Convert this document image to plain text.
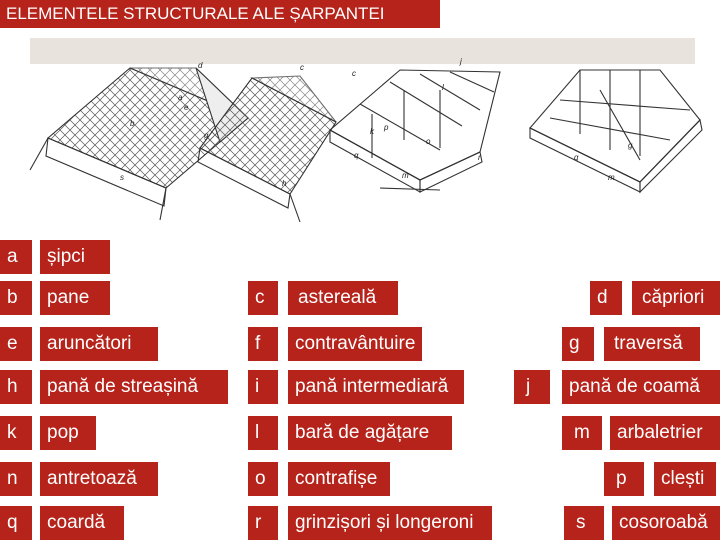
ELEMENTELE STRUCTURALE ALE ȘARPANTEI
a
b
c
e
d
s
g
h
j
k
c
q	r
m
o
l
p
g
q
m
a	șipci
b	pane	c	astereală	d	căpriori
e	aruncători	f	contravântuire	g	traversă
h	pană de streașină	i	pană intermediară	j	pană de coamă
k	pop	l	bară de agățare	m	arbaletrier
n	antretoază	o	contrafișe	p	clești
q	coardă	r	grinzișori și longeroni	s	cosoroabă
